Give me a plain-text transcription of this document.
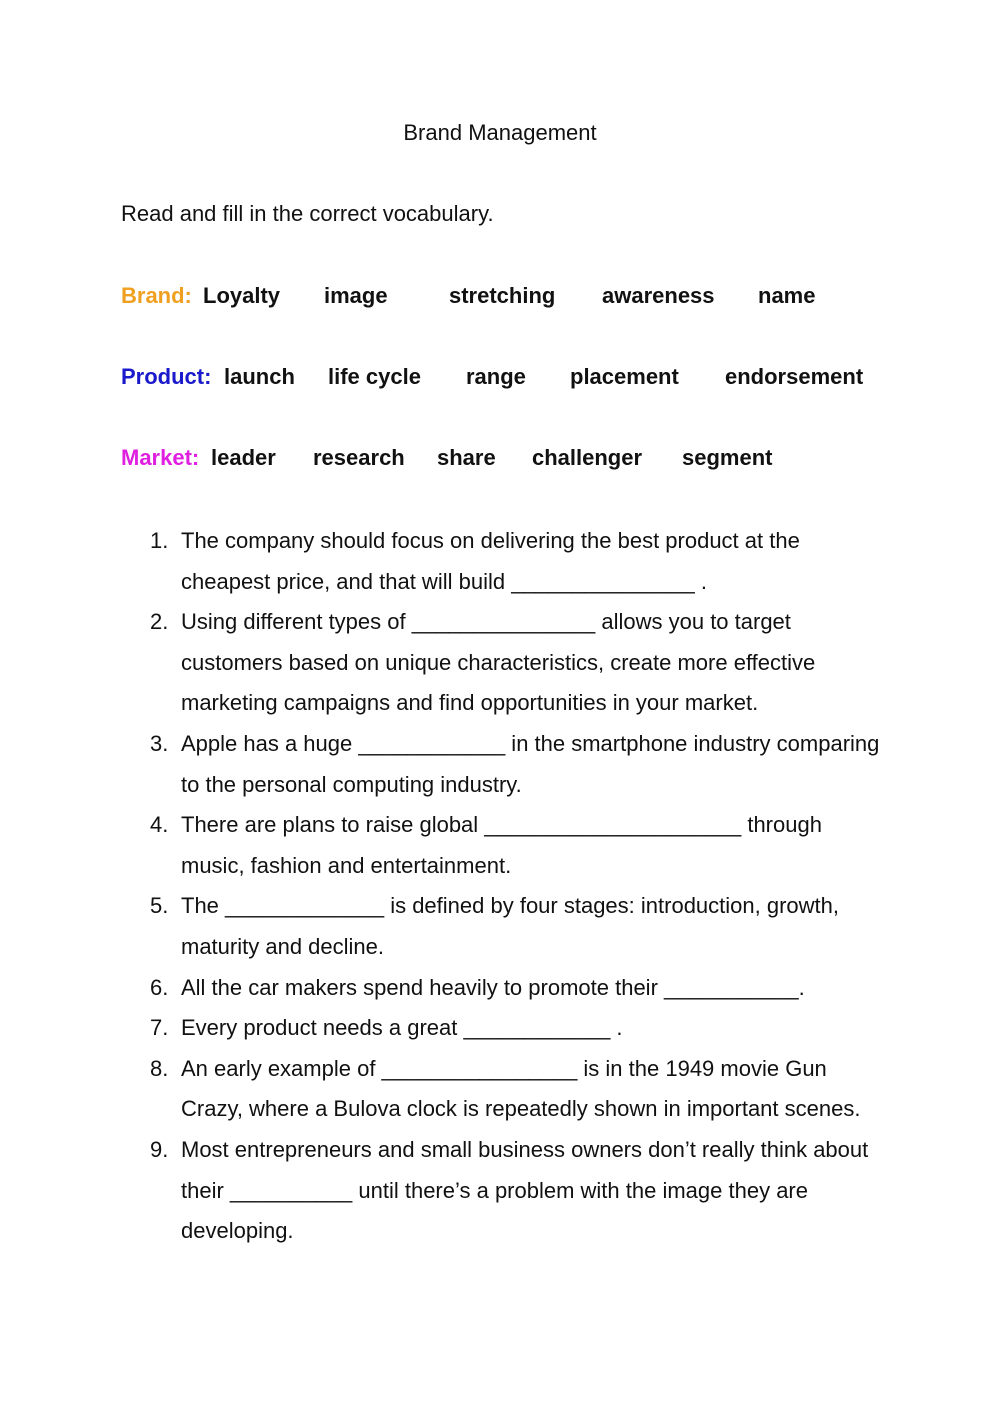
Brand Management
Read and fill in the correct vocabulary.
Brand: Loyalty image	stretching awareness name
Product: launch life cycle range placement endorsement
Market: leader research share challenger segment
1. The company should focus on delivering the best product at the cheapest price, and that will build _______________ .
2. Using different types of _______________ allows you to target customers based on unique characteristics, create more effective marketing campaigns and find opportunities in your market.
3. Apple has a huge ____________ in the smartphone industry comparing to the personal computing industry.
4. There are plans to raise global _____________________ through music, fashion and entertainment.
5. The _____________ is defined by four stages: introduction, growth, maturity and decline.
6. All the car makers spend heavily to promote their ___________.
7. Every product needs a great ____________ .
8. An early example of ________________ is in the 1949 movie Gun Crazy, where a Bulova clock is repeatedly shown in important scenes.
9. Most entrepreneurs and small business owners don’t really think about their __________ until there’s a problem with the image they are developing.
